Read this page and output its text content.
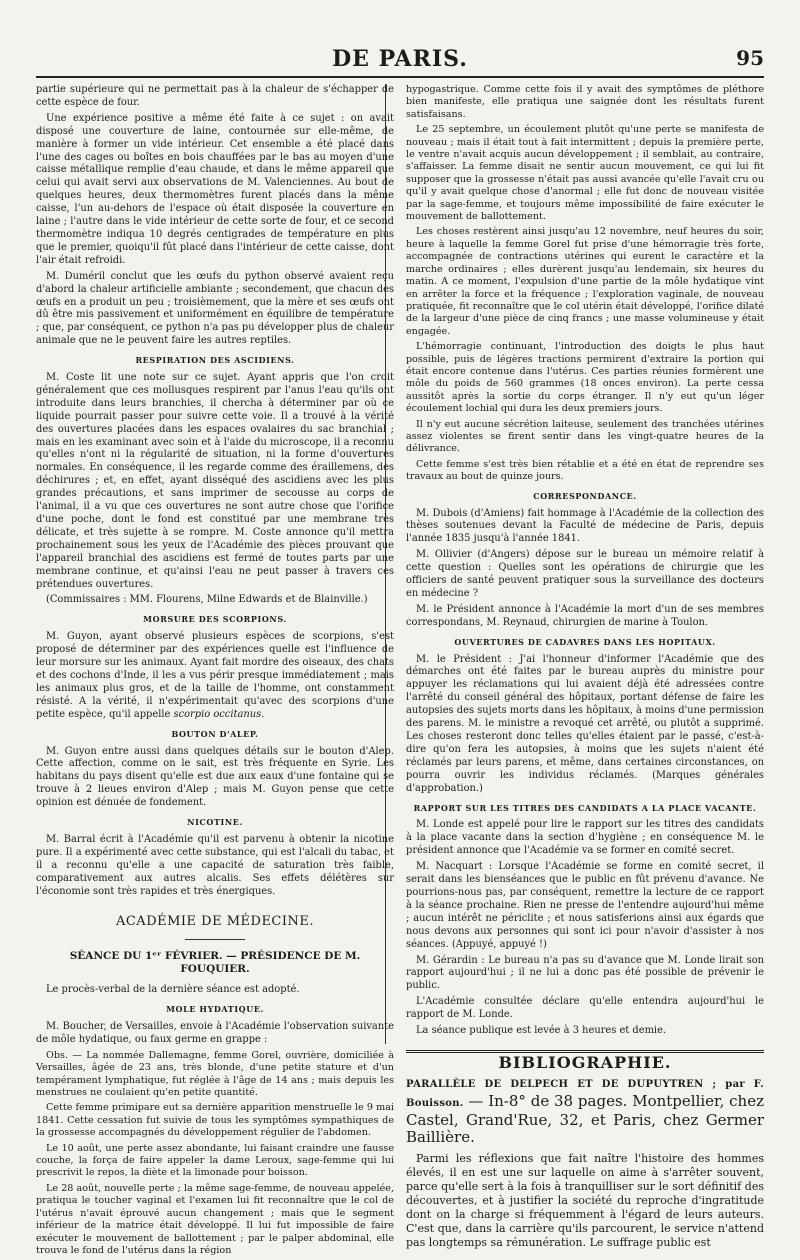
DE PARIS.	95

partie supérieure qui ne permettait pas à la chaleur de s'échapper de cette espèce de four.

Une expérience positive a même été faite à ce sujet : on avait disposé une couverture de laine, contournée sur elle-même, de manière à former un vide intérieur. Cet ensemble a été placé dans l'une des cages ou boîtes en bois chauffées par le bas au moyen d'une caisse métallique remplie d'eau chaude, et dans le même appareil que celui qui avait servi aux observations de M. Valenciennes. Au bout de quelques heures, deux thermomètres furent placés dans la même caisse, l'un au-dehors de l'espace où était disposée la couverture en laine ; l'autre dans le vide intérieur de cette sorte de four, et ce second thermomètre indiqua 10 degrés centigrades de température en plus que le premier, quoiqu'il fût placé dans l'intérieur de cette caisse, dont l'air était refroidi.

M. Duméril conclut que les œufs du python observé avaient reçu d'abord la chaleur artificielle ambiante ; secondement, que chacun des œufs en a produit un peu ; troisièmement, que la mère et ses œufs ont dû être mis passivement et uniformément en équilibre de température ; que, par conséquent, ce python n'a pas pu développer plus de chaleur animale que ne le peuvent faire les autres reptiles.

RESPIRATION DES ASCIDIENS.

M. Coste lit une note sur ce sujet. Ayant appris que l'on croit généralement que ces mollusques respirent par l'anus l'eau qu'ils ont introduite dans leurs branchies, il chercha à déterminer par où ce liquide pourrait passer pour suivre cette voie. Il a trouvé à la vérité des ouvertures placées dans les espaces ovalaires du sac branchial ; mais en les examinant avec soin et à l'aide du microscope, il a reconnu qu'elles n'ont ni la régularité de situation, ni la forme d'ouvertures normales. En conséquence, il les regarde comme des éraillemens, des déchirures ; et, en effet, ayant disséqué des ascidiens avec les plus grandes précautions, et sans imprimer de secousse au corps de l'animal, il a vu que ces ouvertures ne sont autre chose que l'orifice d'une poche, dont le fond est constitué par une membrane très délicate, et très sujette à se rompre. M. Coste annonce qu'il mettra prochainement sous les yeux de l'Académie des pièces prouvant que l'appareil branchial des ascidiens est fermé de toutes parts par une membrane continue, et qu'ainsi l'eau ne peut passer à travers ces prétendues ouvertures.

(Commissaires : MM. Flourens, Milne Edwards et de Blainville.)

MORSURE DES SCORPIONS.

M. Guyon, ayant observé plusieurs espèces de scorpions, s'est proposé de déterminer par des expériences quelle est l'influence de leur morsure sur les animaux. Ayant fait mordre des oiseaux, des chats et des cochons d'Inde, il les a vus périr presque immédiatement ; mais les animaux plus gros, et de la taille de l'homme, ont constamment résisté. A la vérité, il n'expérimentait qu'avec des scorpions d'une petite espèce, qu'il appelle scorpio occitanus.

BOUTON D'ALEP.

M. Guyon entre aussi dans quelques détails sur le bouton d'Alep. Cette affection, comme on le sait, est très fréquente en Syrie. Les habitans du pays disent qu'elle est due aux eaux d'une fontaine qui se trouve à 2 lieues environ d'Alep ; mais M. Guyon pense que cette opinion est dénuée de fondement.

NICOTINE.

M. Barral écrit à l'Académie qu'il est parvenu à obtenir la nicotine pure. Il a expérimenté avec cette substance, qui est l'alcali du tabac, et il a reconnu qu'elle a une capacité de saturation très faible, comparativement aux autres alcalis. Ses effets délétères sur l'économie sont très rapides et très énergiques.

ACADÉMIE DE MÉDECINE.
SÉANCE DU 1ᵉʳ FÉVRIER. — PRÉSIDENCE DE M. FOUQUIER.

Le procès-verbal de la dernière séance est adopté.

MOLE HYDATIQUE.

M. Boucher, de Versailles, envoie à l'Académie l'observation suivante de môle hydatique, ou faux germe en grappe :

Obs. — La nommée Dallemagne, femme Gorel, ouvrière, domiciliée à Versailles, âgée de 23 ans, très blonde, d'une petite stature et d'un tempérament lymphatique, fut réglée à l'âge de 14 ans ; mais depuis les menstrues ne coulaient qu'en petite quantité.

Cette femme primipare eut sa dernière apparition menstruelle le 9 mai 1841. Cette cessation fut suivie de tous les symptômes sympathiques de la grossesse accompagnés du développement régulier de l'abdomen.

Le 10 août, une perte assez abondante, lui faisant craindre une fausse couche, la força de faire appeler la dame Leroux, sage-femme qui lui prescrivit le repos, la diète et la limonade pour boisson.

Le 28 août, nouvelle perte ; la même sage-femme, de nouveau appelée, pratiqua le toucher vaginal et l'examen lui fit reconnaître que le col de l'utérus n'avait éprouvé aucun changement ; mais que le segment inférieur de la matrice était développé. Il lui fut impossible de faire exécuter le mouvement de ballottement ; par le palper abdominal, elle trouva le fond de l'utérus dans la région

hypogastrique. Comme cette fois il y avait des symptômes de pléthore bien manifeste, elle pratiqua une saignée dont les résultats furent satisfaisans.

Le 25 septembre, un écoulement plutôt qu'une perte se manifesta de nouveau ; mais il était tout à fait intermittent ; depuis la première perte, le ventre n'avait acquis aucun développement ; il semblait, au contraire, s'affaisser. La femme disait ne sentir aucun mouvement, ce qui lui fit supposer que la grossesse n'était pas aussi avancée qu'elle l'avait cru ou qu'il y avait quelque chose d'anormal ; elle fut donc de nouveau visitée par la sage-femme, et toujours même impossibilité de faire exécuter le mouvement de ballottement.

Les choses restèrent ainsi jusqu'au 12 novembre, neuf heures du soir, heure à laquelle la femme Gorel fut prise d'une hémorragie très forte, accompagnée de contractions utérines qui eurent le caractère et la marche ordinaires ; elles durèrent jusqu'au lendemain, six heures du matin. A ce moment, l'expulsion d'une partie de la môle hydatique vint en arrêter la force et la fréquence ; l'exploration vaginale, de nouveau pratiquée, fit reconnaître que le col utérin était développé, l'orifice dilaté de la largeur d'une pièce de cinq francs ; une masse volumineuse y était engagée.

L'hémorragie continuant, l'introduction des doigts le plus haut possible, puis de légères tractions permirent d'extraire la portion qui était encore contenue dans l'utérus. Ces parties réunies formèrent une môle du poids de 560 grammes (18 onces environ). La perte cessa aussitôt après la sortie du corps étranger. Il n'y eut qu'un léger écoulement lochial qui dura les deux premiers jours.

Il n'y eut aucune sécrétion laiteuse, seulement des tranchées utérines assez violentes se firent sentir dans les vingt-quatre heures de la délivrance.

Cette femme s'est très bien rétablie et a été en état de reprendre ses travaux au bout de quinze jours.

CORRESPONDANCE.

M. Dubois (d'Amiens) fait hommage à l'Académie de la collection des thèses soutenues devant la Faculté de médecine de Paris, depuis l'année 1835 jusqu'à l'année 1841.

M. Ollivier (d'Angers) dépose sur le bureau un mémoire relatif à cette question : Quelles sont les opérations de chirurgie que les officiers de santé peuvent pratiquer sous la surveillance des docteurs en médecine ?

M. le Président annonce à l'Académie la mort d'un de ses membres correspondans, M. Reynaud, chirurgien de marine à Toulon.

OUVERTURES DE CADAVRES DANS LES HOPITAUX.

M. le Président : J'ai l'honneur d'informer l'Académie que des démarches ont été faites par le bureau auprès du ministre pour appuyer les réclamations qui lui avaient déjà été adressées contre l'arrêté du conseil général des hôpitaux, portant défense de faire les autopsies des sujets morts dans les hôpitaux, à moins d'une permission des parens. M. le ministre a revoqué cet arrêté, ou plutôt a supprimé. Les choses resteront donc telles qu'elles étaient par le passé, c'est-à-dire qu'on fera les autopsies, à moins que les sujets n'aient été réclamés par leurs parens, et même, dans certaines circonstances, on pourra ouvrir les individus réclamés. (Marques générales d'approbation.)

RAPPORT SUR LES TITRES DES CANDIDATS A LA PLACE VACANTE.

M. Londe est appelé pour lire le rapport sur les titres des candidats à la place vacante dans la section d'hygiène ; en conséquence M. le président annonce que l'Académie va se former en comité secret.

M. Nacquart : Lorsque l'Académie se forme en comité secret, il serait dans les bienséances que le public en fût prévenu d'avance. Ne pourrions-nous pas, par conséquent, remettre la lecture de ce rapport à la séance prochaine. Rien ne presse de l'entendre aujourd'hui même ; aucun intérêt ne périclite ; et nous satisferions ainsi aux égards que nous devons aux personnes qui sont ici pour n'avoir d'assister à nos séances. (Appuyé, appuyé !)

M. Gérardin : Le bureau n'a pas su d'avance que M. Londe lirait son rapport aujourd'hui ; il ne lui a donc pas été possible de prévenir le public.

L'Académie consultée déclare qu'elle entendra aujourd'hui le rapport de M. Londe.

La séance publique est levée à 3 heures et demie.

BIBLIOGRAPHIE.

PARALLÈLE DE DELPECH ET DE DUPUYTREN ; par F. Bouisson. — In-8° de 38 pages. Montpellier, chez Castel, Grand'Rue, 32, et Paris, chez Germer Baillière.

Parmi les réflexions que fait naître l'histoire des hommes élevés, il en est une sur laquelle on aime à s'arrêter souvent, parce qu'elle sert à la fois à tranquilliser sur le sort définitif des découvertes, et à justifier la société du reproche d'ingratitude dont on la charge si fréquemment à l'égard de leurs auteurs. C'est que, dans la carrière qu'ils parcourent, le service n'attend pas longtemps sa rémunération. Le suffrage public est
